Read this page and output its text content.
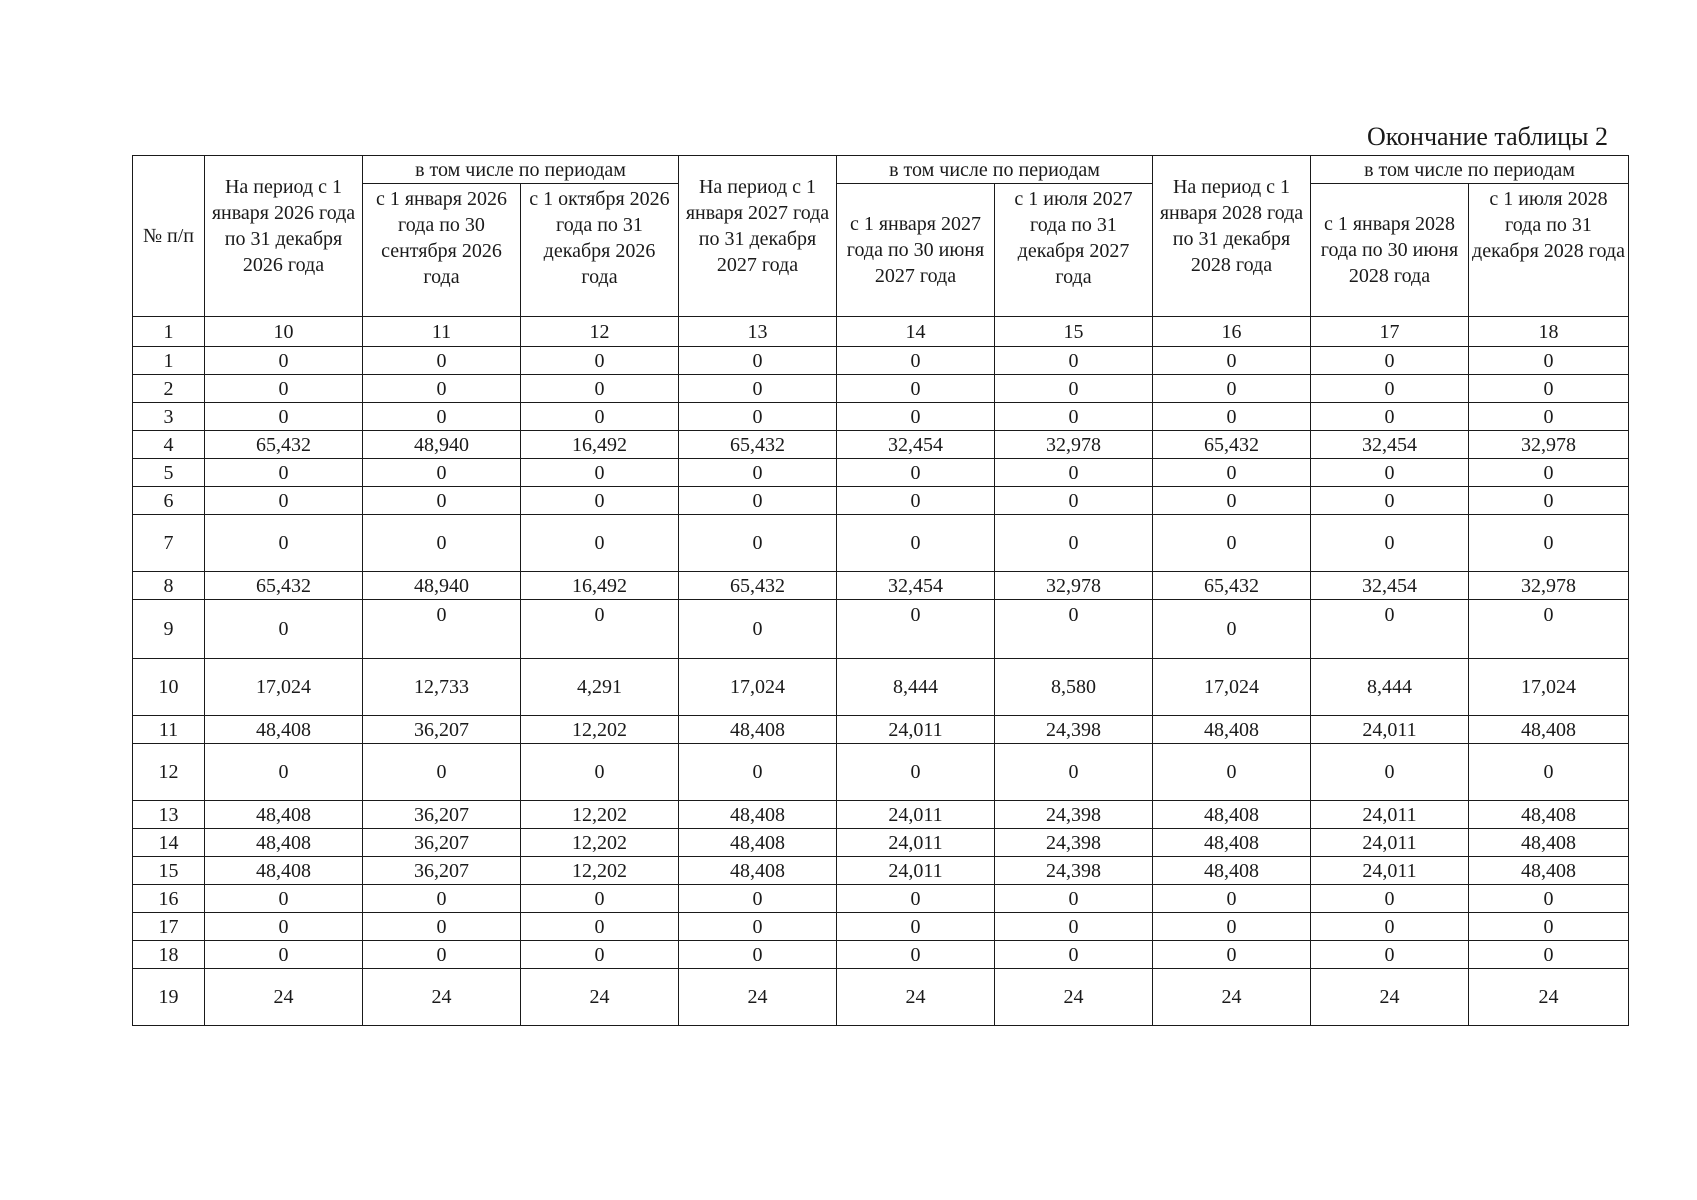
Окончание таблицы 2
№ п/п	На период с 1 января 2026 года по 31 декабря 2026 года	в том числе по периодам		На период с 1 января 2027 года по 31 декабря 2027 года	в том числе по периодам		На период с 1 января 2028 года по 31 декабря 2028 года	в том числе по периодам	
		с 1 января 2026 года по 30 сентября 2026 года	с 1 октября 2026 года по 31 декабря 2026 года		с 1 января 2027 года по 30 июня 2027 года	с 1 июля 2027 года по 31 декабря 2027 года		с 1 января 2028 года по 30 июня 2028 года	с 1 июля 2028 года по 31 декабря 2028 года
1	10	11	12	13	14	15	16	17	18
1	0	0	0	0	0	0	0	0	0
2	0	0	0	0	0	0	0	0	0
3	0	0	0	0	0	0	0	0	0
4	65,432	48,940	16,492	65,432	32,454	32,978	65,432	32,454	32,978
5	0	0	0	0	0	0	0	0	0
6	0	0	0	0	0	0	0	0	0
7	0	0	0	0	0	0	0	0	0
8	65,432	48,940	16,492	65,432	32,454	32,978	65,432	32,454	32,978
9	0	0	0	0	0	0	0	0	0
10	17,024	12,733	4,291	17,024	8,444	8,580	17,024	8,444	17,024
11	48,408	36,207	12,202	48,408	24,011	24,398	48,408	24,011	48,408
12	0	0	0	0	0	0	0	0	0
13	48,408	36,207	12,202	48,408	24,011	24,398	48,408	24,011	48,408
14	48,408	36,207	12,202	48,408	24,011	24,398	48,408	24,011	48,408
15	48,408	36,207	12,202	48,408	24,011	24,398	48,408	24,011	48,408
16	0	0	0	0	0	0	0	0	0
17	0	0	0	0	0	0	0	0	0
18	0	0	0	0	0	0	0	0	0
19	24	24	24	24	24	24	24	24	24
